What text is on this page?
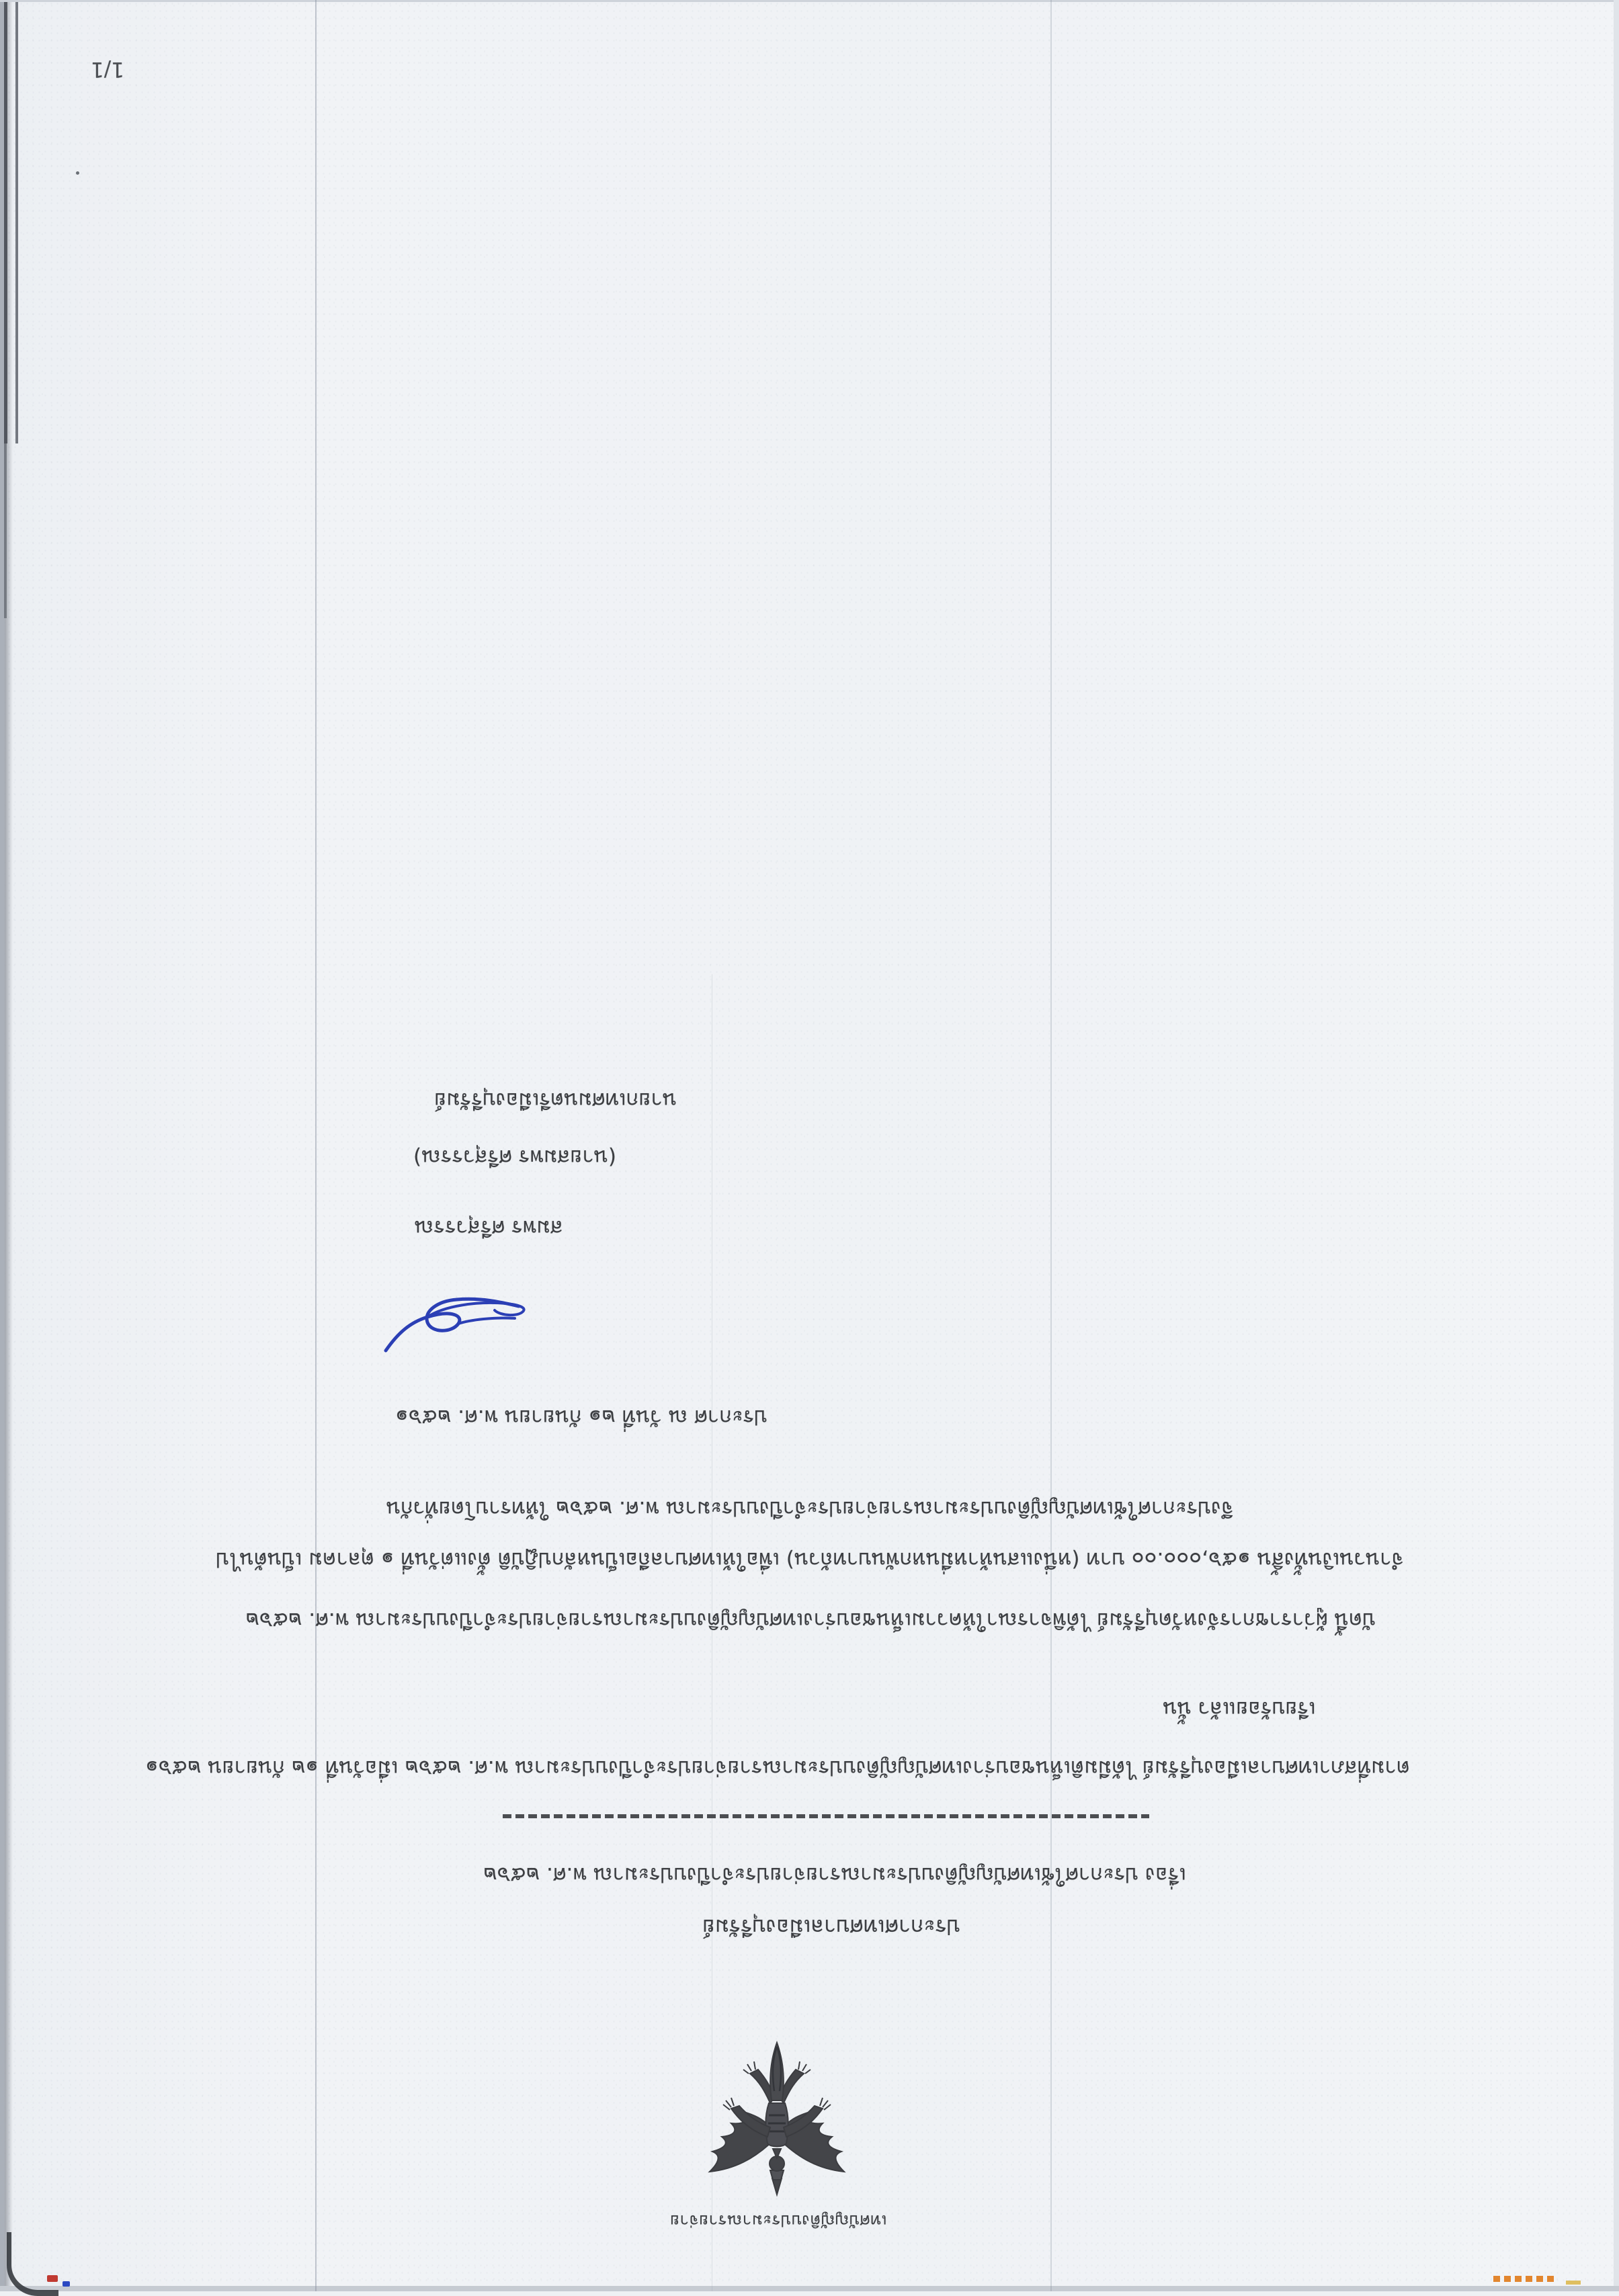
1/1
นายกเทศมนตรีเมืองบุรีรัมย์
(นายสมพร ศรีสุวรรณ)
สมพร ศรีสุวรรณ
ประกาศ ณ วันที่ ๒๑ กันยายน พ.ศ. ๒๕๖๑
จึงประกาศใช้เทศบัญญัติงบประมาณรายจ่ายประจำปีงบประมาณ พ.ศ. ๒๕๖๒ ให้ทราบโดยทั่วกัน
จำนวนเงินทั้งสิ้น ๑๕๖,๐๐๐.๐๐ บาท (หนึ่งแสนห้าหมื่นหกพันบาทถ้วน) เพื่อให้เทศบาลถือเป็นหลักปฏิบัติ ตั้งแต่วันที่ ๑ ตุลาคม เป็นต้นไป
บัดนี้ ผู้ว่าราชการจังหวัดบุรีรัมย์ ได้พิจารณาให้ความเห็นชอบร่างเทศบัญญัติงบประมาณรายจ่ายประจำปีงบประมาณ พ.ศ. ๒๕๖๒
เรียบร้อยแล้ว นั้น
ตามที่สภาเทศบาลเมืองบุรีรัมย์ ได้มีมติเห็นชอบร่างเทศบัญญัติงบประมาณรายจ่ายประจำปีงบประมาณ พ.ศ. ๒๕๖๒ เมื่อวันที่ ๑๒ กันยายน ๒๕๖๑
เรื่อง ประกาศใช้เทศบัญญัติงบประมาณรายจ่ายประจำปีงบประมาณ พ.ศ. ๒๕๖๒
ประกาศเทศบาลเมืองบุรีรัมย์
เทศบัญญัติงบประมาณรายจ่าย
